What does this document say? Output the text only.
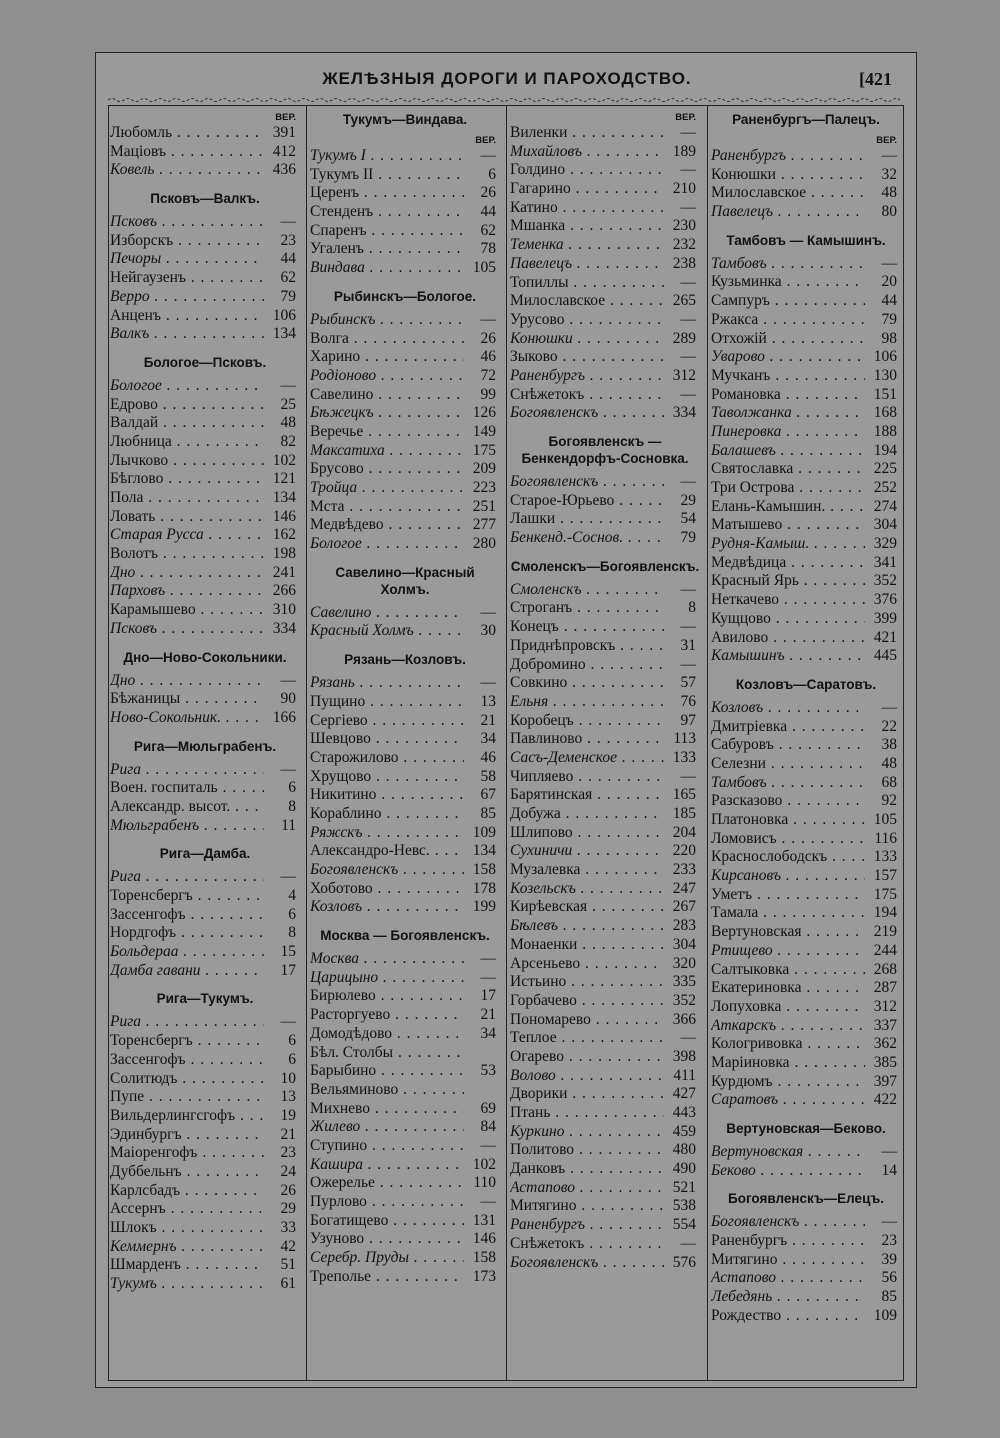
ЖЕЛѢЗНЫЯ ДОРОГИ И ПАРОХОДСТВО.	[421
ВЕР.
Любомль . . .	391
Маціовъ . . .	412
Ковель . . .	436
Псковъ—Валкъ.
Псковъ . . .	—
Изборскъ . . .	23
Печоры . . .	44
Нейгаузенъ . . .	62
Верро . . .	79
Анценъ . . .	106
Валкъ . . .	134
Бологое—Псковъ.
Бологое . . .	—
Едрово . . .	25
Валдай . . .	48
Любница . . .	82
Лычково . . .	102
Бѣглово . . .	121
Пола . . .	134
Ловать . . .	146
Старая Русса . . .	162
Волотъ . . .	198
Дно . . .	241
Парховъ . . .	266
Карамышево . . .	310
Псковъ . . .	334
Дно—Ново-Сокольники.
Дно . . .	—
Бѣжаницы . . .	90
Ново-Сокольник. . . .	166
Рига—Мюльграбенъ.
Рига . . .	—
Воен. госпиталь . . .	6
Александр. высот. . . .	8
Мюльграбенъ . . .	11
Рига—Дамба.
Рига . . .	—
Торенсбергъ . . .	4
Зассенгофъ . . .	6
Нордгофъ . . .	8
Больдераа . . .	15
Дамба гавани . . .	17
Рига—Тукумъ.
Рига . . .	—
Торенсбергъ . . .	6
Зассенгофъ . . .	6
Солитюдъ . . .	10
Пупе . . .	13
Вильдерлингсгофъ . . .	19
Эдинбургъ . . .	21
Маіоренгофъ . . .	23
Дуббельнъ . . .	24
Карлсбадъ . . .	26
Ассернъ . . .	29
Шлокъ . . .	33
Кеммернъ . . .	42
Шмарденъ . . .	51
Тукумъ . . .	61
Тукумъ—Виндава.
ВЕР.
Тукумъ I . . .	—
Тукумъ II . . .	6
Церенъ . . .	26
Стенденъ . . .	44
Спаренъ . . .	62
Угаленъ . . .	78
Виндава . . .	105
Рыбинскъ—Бологое.
Рыбинскъ . . .	—
Волга . . .	26
Харино . . .	46
Родіоново . . .	72
Савелино . . .	99
Бѣжецкъ . . .	126
Веречье . . .	149
Максатиха . . .	175
Брусово . . .	209
Тройца . . .	223
Мста . . .	251
Медвѣдево . . .	277
Бологое . . .	280
Савелино—Красный Холмъ.
Савелино . . .	—
Красный Холмъ . . .	30
Рязань—Козловъ.
Рязань . . .	—
Пущино . . .	13
Сергіево . . .	21
Шевцово . . .	34
Старожилово . . .	46
Хрущово . . .	58
Никитино . . .	67
Кораблино . . .	85
Ряжскъ . . .	109
Александро-Невс. . . .	134
Богоявленскъ . . .	158
Хоботово . . .	178
Козловъ . . .	199
Москва — Богоявленскъ.
Москва . . .	—
Царицыно . . .	—
Бирюлево . . .	17
Расторгуево . . .	21
Домодѣдово . . .	34
Бѣл. Столбы . . .
Барыбино . . .	53
Вельяминово . . .
Михнево . . .	69
Жилево . . .	84
Ступино . . .	—
Кашира . . .	102
Ожерелье . . .	110
Пурлово . . .	—
Богатищево . . .	131
Узуново . . .	146
Серебр. Пруды . . .	158
Треполье . . .	173
ВЕР.
Виленки . . .	—
Михайловъ . . .	189
Голдино . . .	—
Гагарино . . .	210
Катино . . .	—
Мшанка . . .	230
Теменка . . .	232
Павелецъ . . .	238
Топиллы . . .	—
Милославское . . .	265
Урусово . . .	—
Конюшки . . .	289
Зыково . . .	—
Раненбургъ . . .	312
Снѣжетокъ . . .	—
Богоявленскъ . . .	334
Богоявленскъ — Бенкендорфъ-Сосновка.
Богоявленскъ . . .	—
Старое-Юрьево . . .	29
Лашки . . .	54
Бенкенд.-Соснов. . . .	79
Смоленскъ—Богоявленскъ.
Смоленскъ . . .	—
Строганъ . . .	8
Конецъ . . .	—
Приднѣпровскъ . . .	31
Добромино . . .	—
Совкино . . .	57
Ельня . . .	76
Коробецъ . . .	97
Павлиново . . .	113
Сасъ-Деменское . . .	133
Чипляево . . .	—
Барятинская . . .	165
Добужа . . .	185
Шлипово . . .	204
Сухиничи . . .	220
Музалевка . . .	233
Козельскъ . . .	247
Кирѣевская . . .	267
Бѣлевъ . . .	283
Монаенки . . .	304
Арсеньево . . .	320
Истьино . . .	335
Горбачево . . .	352
Пономарево . . .	366
Теплое . . .	—
Огарево . . .	398
Волово . . .	411
Дворики . . .	427
Птань . . .	443
Куркино . . .	459
Политово . . .	480
Данковъ . . .	490
Астапово . . .	521
Митягино . . .	538
Раненбургъ . . .	554
Снѣжетокъ . . .	—
Богоявленскъ . . .	576
Раненбургъ—Палецъ.
ВЕР.
Раненбургъ . . .	—
Конюшки . . .	32
Милославское . . .	48
Павелецъ . . .	80
Тамбовъ — Камышинъ.
Тамбовъ . . .	—
Кузьминка . . .	20
Сампуръ . . .	44
Ржакса . . .	79
Отхожій . . .	98
Уварово . . .	106
Мучканъ . . .	130
Романовка . . .	151
Таволжанка . . .	168
Пинеровка . . .	188
Балашевъ . . .	194
Святославка . . .	225
Три Острова . . .	252
Елань-Камышин. . . .	274
Матышево . . .	304
Рудня-Камыш. . . .	329
Медвѣдица . . .	341
Красный Ярь . . .	352
Неткачево . . .	376
Кущцово . . .	399
Авилово . . .	421
Камышинъ . . .	445
Козловъ—Саратовъ.
Козловъ . . .	—
Дмитріевка . . .	22
Сабуровъ . . .	38
Селезни . . .	48
Тамбовъ . . .	68
Разсказово . . .	92
Платоновка . . .	105
Ломовисъ . . .	116
Краснослободскъ . . .	133
Кирсановъ . . .	157
Уметъ . . .	175
Тамала . . .	194
Вертуновская . . .	219
Ртищево . . .	244
Салтыковка . . .	268
Екатериновка . . .	287
Лопуховка . . .	312
Аткарскъ . . .	337
Кологривовка . . .	362
Маріиновка . . .	385
Курдюмъ . . .	397
Саратовъ . . .	422
Вертуновская—Беково.
Вертуновская . . .	—
Беково . . .	14
Богоявленскъ—Елецъ.
Богоявленскъ . . .	—
Раненбургъ . . .	23
Митягино . . .	39
Астапово . . .	56
Лебедянь . . .	85
Рождество . . .	109
